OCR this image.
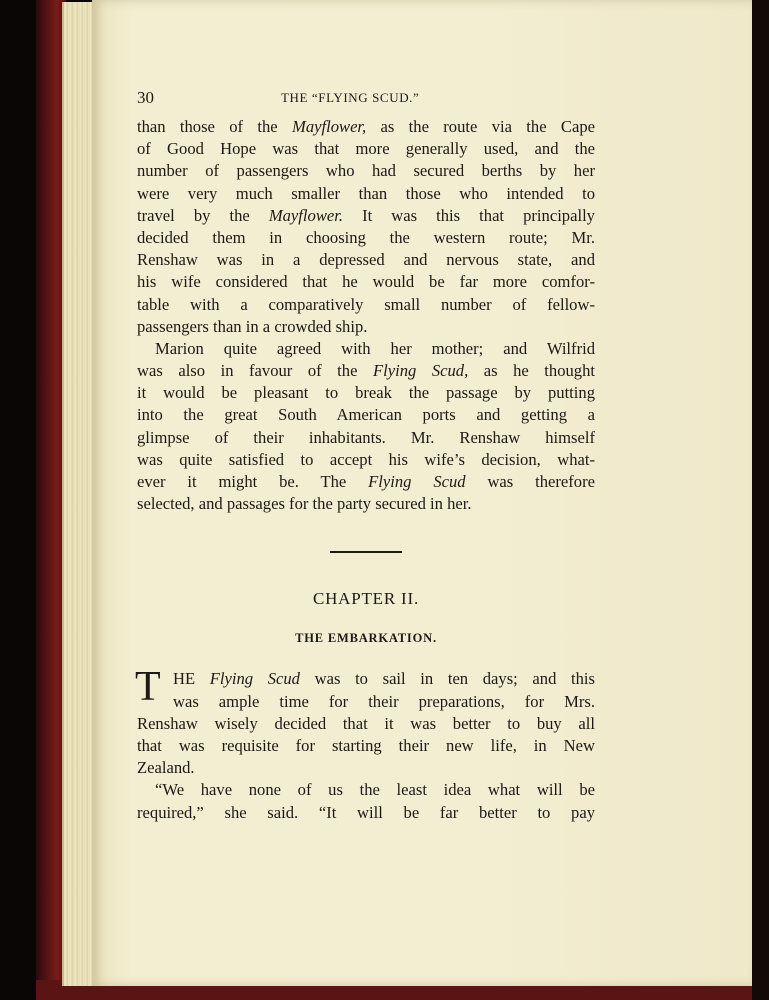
30	THE “FLYING SCUD.”
than those of the Mayflower, as the route via the Cape
of Good Hope was that more generally used, and the
number of passengers who had secured berths by her
were very much smaller than those who intended to
travel by the Mayflower. It was this that principally
decided them in choosing the western route; Mr.
Renshaw was in a depressed and nervous state, and
his wife considered that he would be far more comfor-
table with a comparatively small number of fellow-
passengers than in a crowded ship.
Marion quite agreed with her mother; and Wilfrid
was also in favour of the Flying Scud, as he thought
it would be pleasant to break the passage by putting
into the great South American ports and getting a
glimpse of their inhabitants. Mr. Renshaw himself
was quite satisfied to accept his wife’s decision, what-
ever it might be. The Flying Scud was therefore
selected, and passages for the party secured in her.
CHAPTER II.
THE EMBARKATION.
T HE Flying Scud was to sail in ten days; and this
was ample time for their preparations, for Mrs.
Renshaw wisely decided that it was better to buy all
that was requisite for starting their new life, in New
Zealand.
“We have none of us the least idea what will be
required,” she said. “It will be far better to pay
